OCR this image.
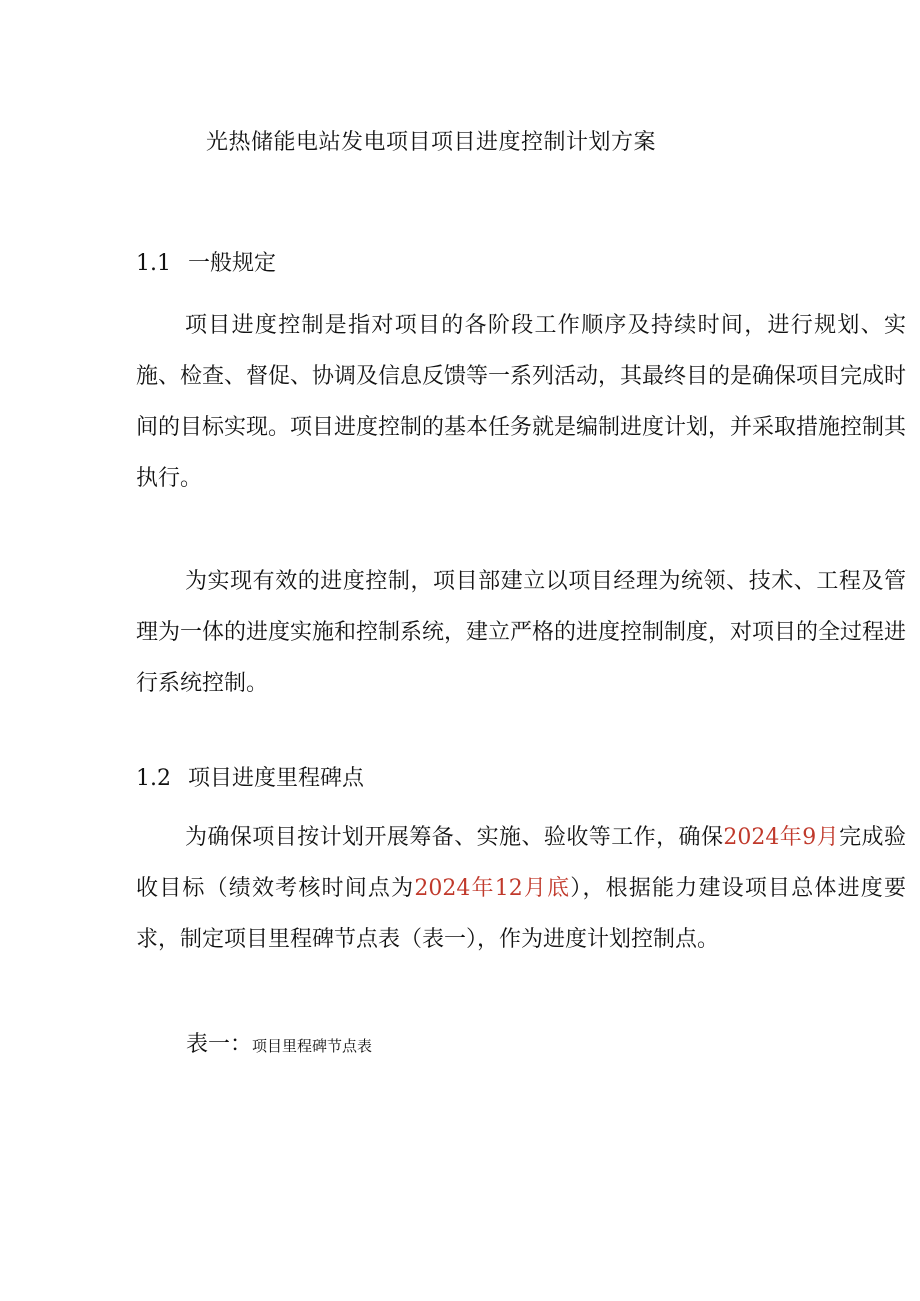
光热储能电站发电项目项目进度控制计划方案
1.1 一般规定

项目进度控制是指对项目的各阶段工作顺序及持续时间，进行规划、实施、检查、督促、协调及信息反馈等一系列活动，其最终目的是确保项目完成时间的目标实现。项目进度控制的基本任务就是编制进度计划，并采取措施控制其执行。

为实现有效的进度控制，项目部建立以项目经理为统领、技术、工程及管理为一体的进度实施和控制系统，建立严格的进度控制制度，对项目的全过程进行系统控制。

1.2 项目进度里程碑点

为确保项目按计划开展筹备、实施、验收等工作，确保2024年9月完成验收目标（绩效考核时间点为2024年12月底），根据能力建设项目总体进度要求，制定项目里程碑节点表（表一），作为进度计划控制点。

表一：项目里程碑节点表
